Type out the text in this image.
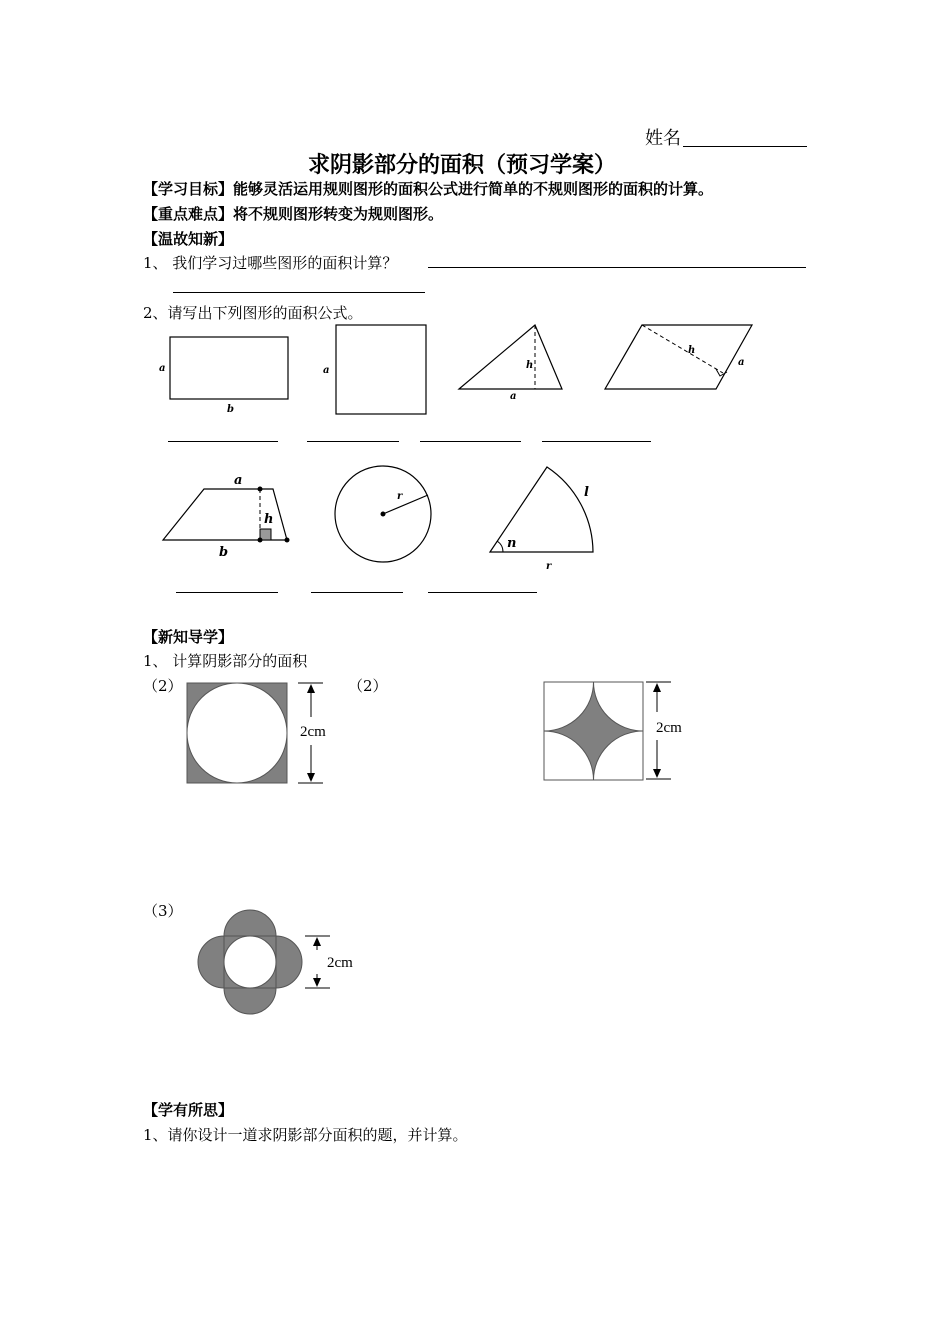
姓名
求阴影部分的面积（预习学案）
【学习目标】能够灵活运用规则图形的面积公式进行简单的不规则图形的面积的计算。
【重点难点】将不规则图形转变为规则图形。
【温故知新】
1、 我们学习过哪些图形的面积计算？
2、请写出下列图形的面积公式。
a
b
a	h
a
h
a
a
h
b
r	l
n
r
2cm	2cm
2cm
【新知导学】
1、 计算阴影部分的面积
（2）	（2）
（3）
【学有所思】
1、请你设计一道求阴影部分面积的题，并计算。
